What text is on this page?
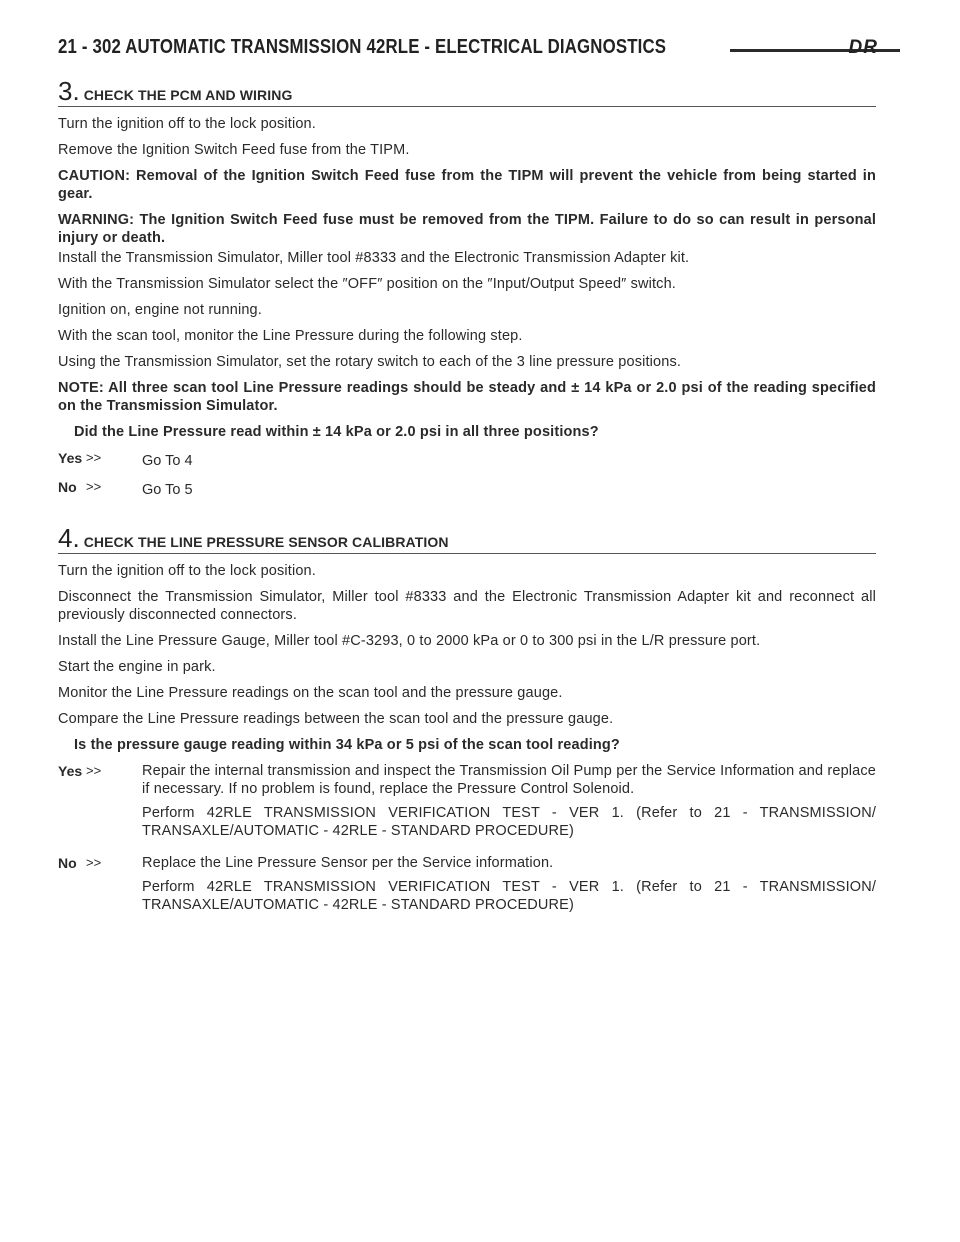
21 - 302 AUTOMATIC TRANSMISSION 42RLE - ELECTRICAL DIAGNOSTICS	DR
3. CHECK THE PCM AND WIRING

Turn the ignition off to the lock position.

Remove the Ignition Switch Feed fuse from the TIPM.

CAUTION: Removal of the Ignition Switch Feed fuse from the TIPM will prevent the vehicle from being started in gear.

WARNING: The Ignition Switch Feed fuse must be removed from the TIPM. Failure to do so can result in personal injury or death.

Install the Transmission Simulator, Miller tool #8333 and the Electronic Transmission Adapter kit.

With the Transmission Simulator select the ″OFF″ position on the ″Input/Output Speed″ switch.

Ignition on, engine not running.

With the scan tool, monitor the Line Pressure during the following step.

Using the Transmission Simulator, set the rotary switch to each of the 3 line pressure positions.

NOTE: All three scan tool Line Pressure readings should be steady and ± 14 kPa or 2.0 psi of the reading specified on the Transmission Simulator.

Did the Line Pressure read within ± 14 kPa or 2.0 psi in all three positions?

Yes >>	Go To 4
No >>	Go To 5
4. CHECK THE LINE PRESSURE SENSOR CALIBRATION

Turn the ignition off to the lock position.

Disconnect the Transmission Simulator, Miller tool #8333 and the Electronic Transmission Adapter kit and reconnect all previously disconnected connectors.

Install the Line Pressure Gauge, Miller tool #C-3293, 0 to 2000 kPa or 0 to 300 psi in the L/R pressure port.

Start the engine in park.

Monitor the Line Pressure readings on the scan tool and the pressure gauge.

Compare the Line Pressure readings between the scan tool and the pressure gauge.

Is the pressure gauge reading within 34 kPa or 5 psi of the scan tool reading?

Yes >>	Repair the internal transmission and inspect the Transmission Oil Pump per the Service Information and replace if necessary. If no problem is found, replace the Pressure Control Solenoid.

Perform 42RLE TRANSMISSION VERIFICATION TEST - VER 1. (Refer to 21 - TRANSMISSION/ TRANSAXLE/AUTOMATIC - 42RLE - STANDARD PROCEDURE)

No >>	Replace the Line Pressure Sensor per the Service information.

Perform 42RLE TRANSMISSION VERIFICATION TEST - VER 1. (Refer to 21 - TRANSMISSION/ TRANSAXLE/AUTOMATIC - 42RLE - STANDARD PROCEDURE)
